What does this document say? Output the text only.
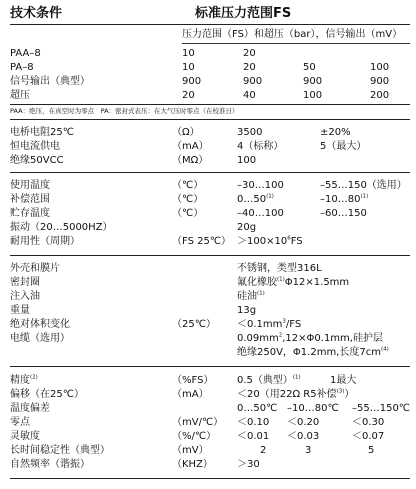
技术条件	标准压力范围FS
压力范围（FS）和超压（bar），信号输出（mV）
PAA–8	10	20
PA–8	10	20	50	100
信号输出（典型）	900	900	900	900
超压	20	40	100	200
PAA：绝压，在真空时为零点　PA：密封式表压：在大气压时零点（在校准日）
电桥电阻25℃	（Ω）	3500	±20%
恒电流供电	（mA）	4（标称）	5（最大）
绝缘50VCC	（MΩ）	100
使用温度	（℃）	–30…100	–55…150（选用）
补偿范围	（℃）	0…50$^{(1)}$	–10…80$^{(1)}$
贮存温度	（℃）	–40…100	–60…150
振动（20…5000HZ）	20g
耐用性（周期）	（FS 25℃） $>100\times 10^6FS$
外壳和膜片	不锈钢，类型316L
密封圈	氟化橡胶$^{(1)}$Φ12×1.5mm
注入油	硅油$^{(1)}$
重量	13g
绝对体积变化	（25℃） $<0.1mm^3/FS$
电缆（选用）	$0.09mm^2,12\times\Phi 0.1mm$,硅护层
绝缘250V，Φ1.2mm,长度$7cm^{(4)}$
精度$^{(2)}$	（%FS） 0.5（典型）$^{(1)}$	1最大
偏移（在25℃）	（mA）	＜20（用22Ω R5补偿$^{(3)}$）
温度偏差	0…50℃ –10…80℃ –55…150℃
零点	（mV/℃） ＜0.10 ＜0.20	＜0.30
灵敏度	（%/℃） ＜0.01 ＜0.03	＜0.07
长时间稳定性（典型）	（mV）	2	3	5
自然频率（谐振）	（KHZ） ＞30
